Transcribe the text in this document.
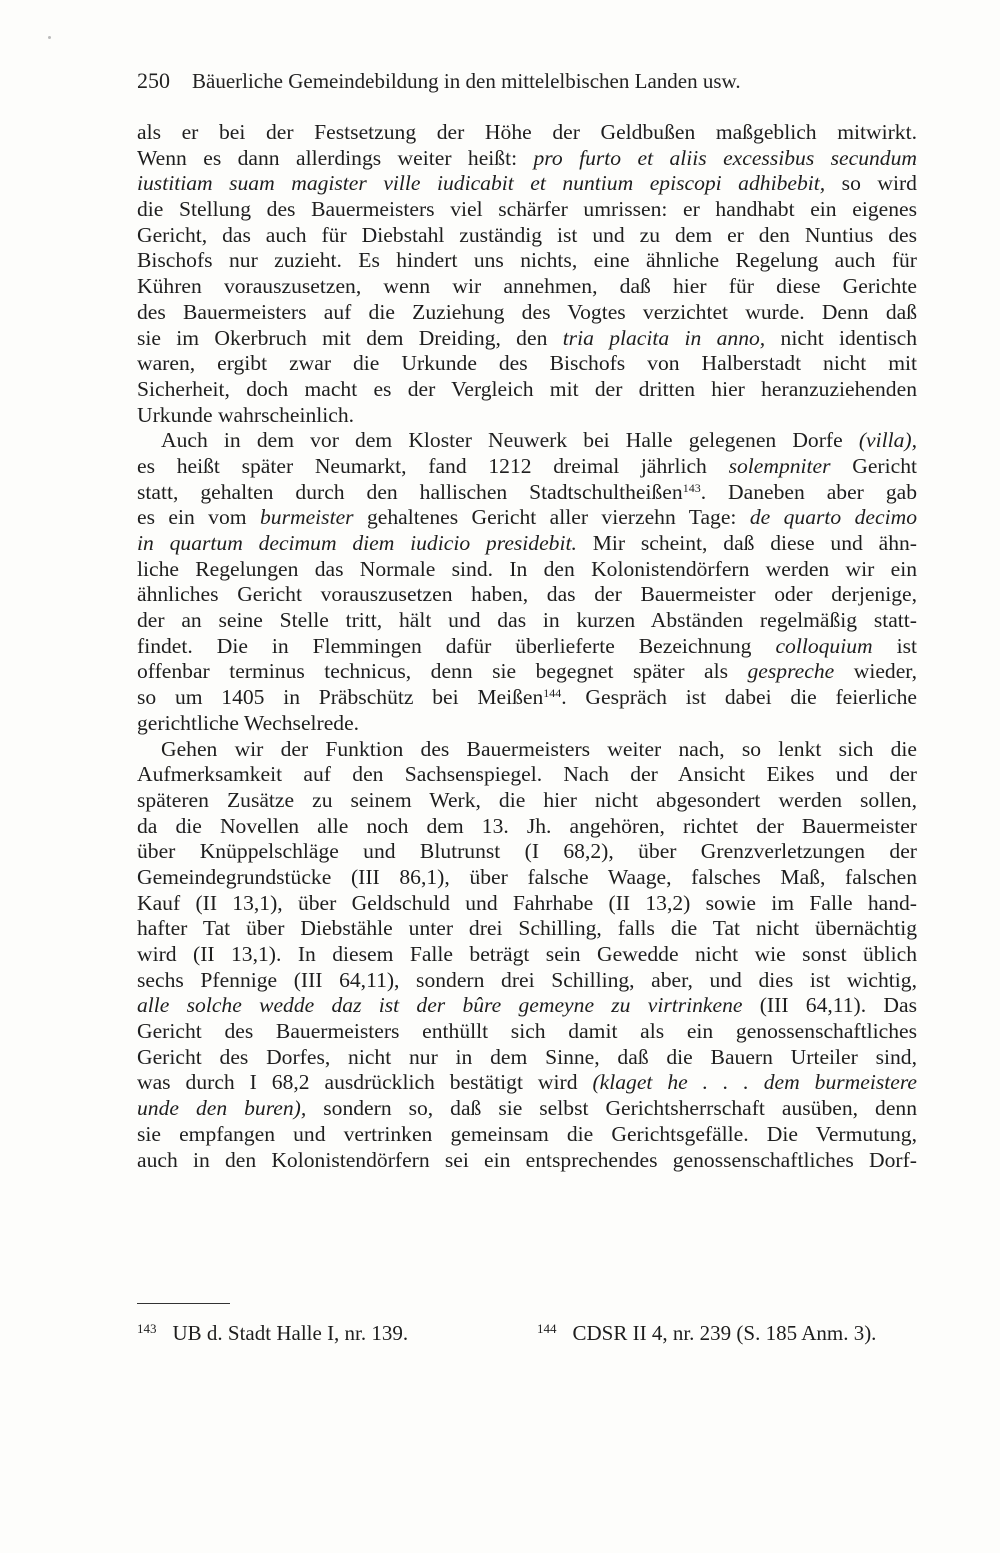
250 Bäuerliche Gemeindebildung in den mittelelbischen Landen usw.
als er bei der Festsetzung der Höhe der Geldbußen maßgeblich mitwirkt.
Wenn es dann allerdings weiter heißt: pro furto et aliis excessibus secundum
iustitiam suam magister ville iudicabit et nuntium episcopi adhibebit, so wird
die Stellung des Bauermeisters viel schärfer umrissen: er handhabt ein eigenes
Gericht, das auch für Diebstahl zuständig ist und zu dem er den Nuntius des
Bischofs nur zuzieht. Es hindert uns nichts, eine ähnliche Regelung auch für
Kühren vorauszusetzen, wenn wir annehmen, daß hier für diese Gerichte
des Bauermeisters auf die Zuziehung des Vogtes verzichtet wurde. Denn daß
sie im Okerbruch mit dem Dreiding, den tria placita in anno, nicht identisch
waren, ergibt zwar die Urkunde des Bischofs von Halberstadt nicht mit
Sicherheit, doch macht es der Vergleich mit der dritten hier heranzuziehenden
Urkunde wahrscheinlich.
Auch in dem vor dem Kloster Neuwerk bei Halle gelegenen Dorfe (villa),
es heißt später Neumarkt, fand 1212 dreimal jährlich solempniter Gericht
statt, gehalten durch den hallischen Stadtschultheißen$^{143}$. Daneben aber gab
es ein vom burmeister gehaltenes Gericht aller vierzehn Tage: de quarto decimo
in quartum decimum diem iudicio presidebit. Mir scheint, daß diese und ähn-
liche Regelungen das Normale sind. In den Kolonistendörfern werden wir ein
ähnliches Gericht vorauszusetzen haben, das der Bauermeister oder derjenige,
der an seine Stelle tritt, hält und das in kurzen Abständen regelmäßig statt-
findet. Die in Flemmingen dafür überlieferte Bezeichnung colloquium ist
offenbar terminus technicus, denn sie begegnet später als gespreche wieder,
so um 1405 in Präbschütz bei Meißen$^{144}$. Gespräch ist dabei die feierliche
gerichtliche Wechselrede.
Gehen wir der Funktion des Bauermeisters weiter nach, so lenkt sich die
Aufmerksamkeit auf den Sachsenspiegel. Nach der Ansicht Eikes und der
späteren Zusätze zu seinem Werk, die hier nicht abgesondert werden sollen,
da die Novellen alle noch dem 13. Jh. angehören, richtet der Bauermeister
über Knüppelschläge und Blutrunst (I 68,2), über Grenzverletzungen der
Gemeindegrundstücke (III 86,1), über falsche Waage, falsches Maß, falschen
Kauf (II 13,1), über Geldschuld und Fahrhabe (II 13,2) sowie im Falle hand-
hafter Tat über Diebstähle unter drei Schilling, falls die Tat nicht übernächtig
wird (II 13,1). In diesem Falle beträgt sein Gewedde nicht wie sonst üblich
sechs Pfennige (III 64,11), sondern drei Schilling, aber, und dies ist wichtig,
alle solche wedde daz ist der bûre gemeyne zu virtrinkene (III 64,11). Das
Gericht des Bauermeisters enthüllt sich damit als ein genossenschaftliches
Gericht des Dorfes, nicht nur in dem Sinne, daß die Bauern Urteiler sind,
was durch I 68,2 ausdrücklich bestätigt wird (klaget he . . . dem burmeistere
unde den buren), sondern so, daß sie selbst Gerichtsherrschaft ausüben, denn
sie empfangen und vertrinken gemeinsam die Gerichtsgefälle. Die Vermutung,
auch in den Kolonistendörfern sei ein entsprechendes genossenschaftliches Dorf-
$^{143}$ UB d. Stadt Halle I, nr. 139.	$^{144}$ CDSR II 4, nr. 239 (S. 185 Anm. 3).
